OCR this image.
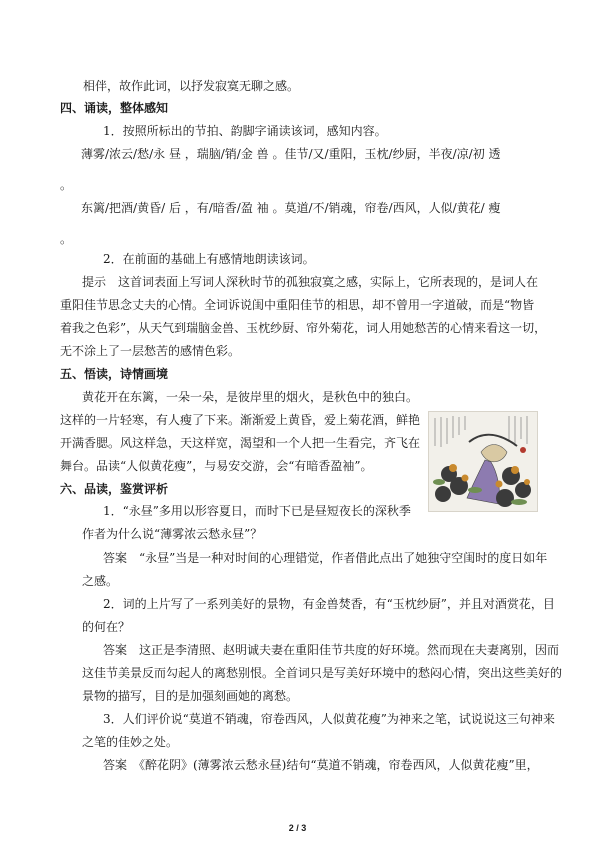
相伴，故作此词，以抒发寂寞无聊之感。
四、诵读，整体感知
1．按照所标出的节拍、韵脚字诵读该词，感知内容。
薄雾/浓云/愁/永 昼 ，瑞脑/销/金 兽 。佳节/又/重阳，玉枕/纱厨，半夜/凉/初 透
。
东篱/把酒/黄昏/ 后 ，有/暗香/盈 袖 。莫道/不/销魂，帘卷/西风，人似/黄花/ 瘦
。
2．在前面的基础上有感情地朗读该词。
提示　这首词表面上写词人深秋时节的孤独寂寞之感，实际上，它所表现的，是词人在
重阳佳节思念丈夫的心情。全词诉说闺中重阳佳节的相思，却不曾用一字道破，而是“物皆
着我之色彩”，从天气到瑞脑金兽、玉枕纱厨、帘外菊花，词人用她愁苦的心情来看这一切，
无不涂上了一层愁苦的感情色彩。
五、悟读，诗情画境
黄花开在东篱，一朵一朵，是彼岸里的烟火，是秋色中的独白。
这样的一片轻寒，有人瘦了下来。渐渐爱上黄昏，爱上菊花酒，鲜艳
开满香腮。风这样急，天这样宽，渴望和一个人把一生看完，齐飞在
舞台。品读“人似黄花瘦”，与易安交游，会“有暗香盈袖”。
六、品读，鉴赏评析
1．“永昼”多用以形容夏日，而时下已是昼短夜长的深秋季
作者为什么说“薄雾浓云愁永昼”？
答案　“永昼”当是一种对时间的心理错觉，作者借此点出了她独守空闺时的度日如年
之感。
2．词的上片写了一系列美好的景物，有金兽焚香，有“玉枕纱厨”，并且对酒赏花，目
的何在？
答案　这正是李清照、赵明诚夫妻在重阳佳节共度的好环境。然而现在夫妻离别，因而
这佳节美景反而勾起人的离愁别恨。全首词只是写美好环境中的愁闷心情，突出这些美好的
景物的描写，目的是加强刻画她的离愁。
3．人们评价说“莫道不销魂，帘卷西风，人似黄花瘦”为神来之笔，试说说这三句神来
之笔的佳妙之处。
答案　《醉花阴》(薄雾浓云愁永昼)结句“莫道不销魂，帘卷西风，人似黄花瘦”里，
2 / 3
